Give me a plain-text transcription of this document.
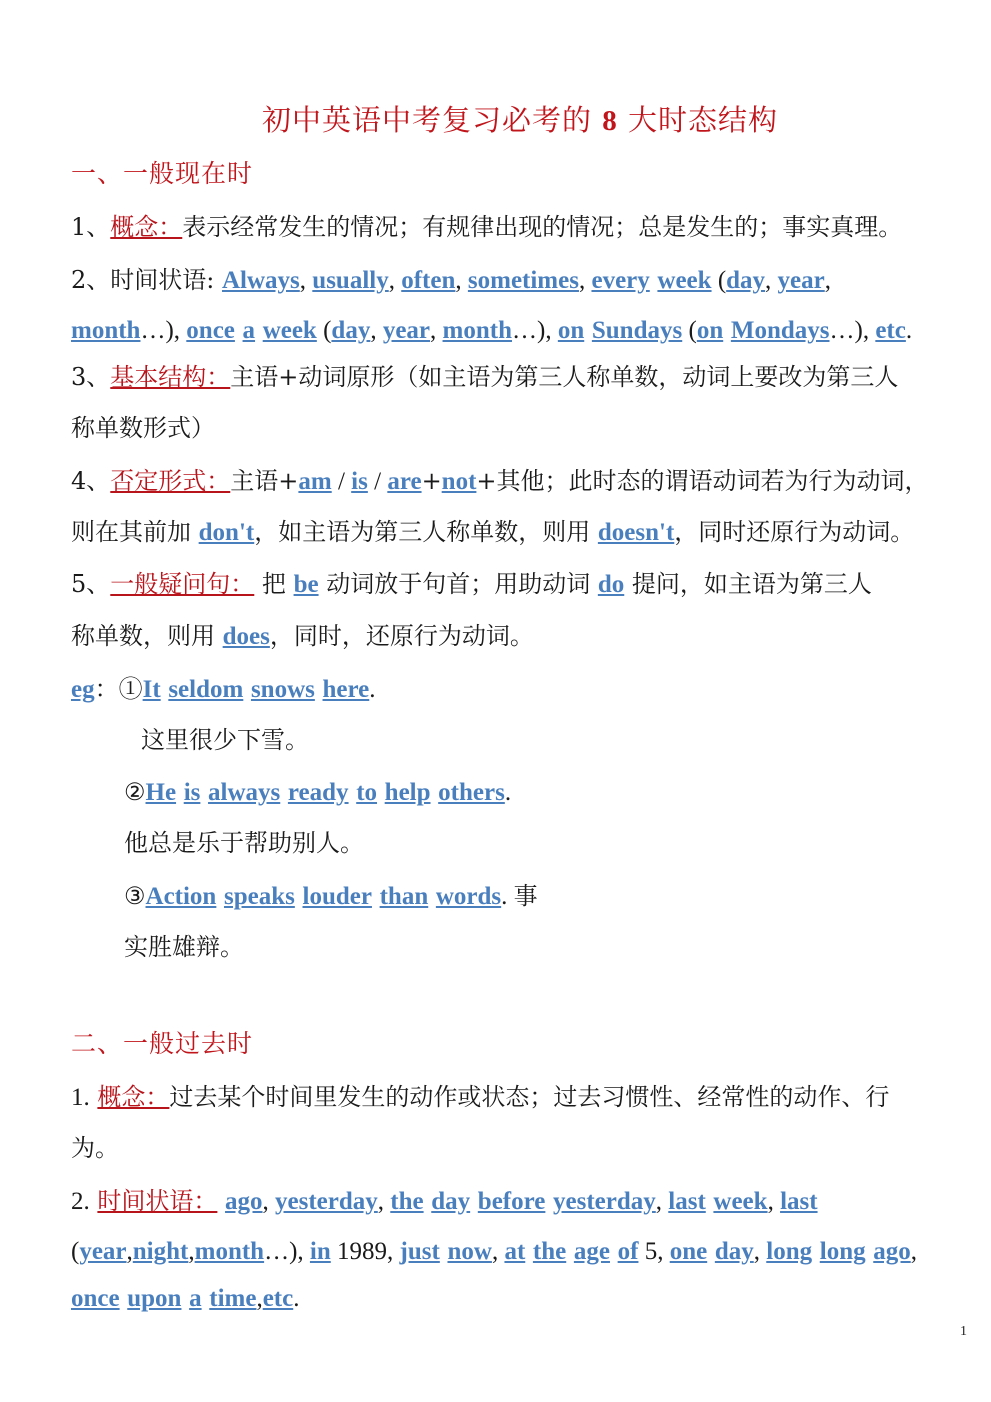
初中英语中考复习必考的 8 大时态结构
一、一般现在时
1、概念：表示经常发生的情况；有规律出现的情况；总是发生的；事实真理。
2、时间状语: Always, usually, often, sometimes, every week (day, year,
month…), once a week (day, year, month…), on Sundays (on Mondays…), etc.
3、基本结构：主语+动词原形（如主语为第三人称单数，动词上要改为第三人
称单数形式）
4、否定形式：主语+am / is / are+not+其他；此时态的谓语动词若为行为动词，
则在其前加 don't，如主语为第三人称单数，则用 doesn't，同时还原行为动词。
5、一般疑问句： 把 be 动词放于句首；用助动词 do 提问，如主语为第三人
称单数，则用 does，同时，还原行为动词。
eg：①It seldom snows here.
这里很少下雪。
②He is always ready to help others.
他总是乐于帮助别人。
③Action speaks louder than words. 事
实胜雄辩。
二、一般过去时
1. 概念：过去某个时间里发生的动作或状态；过去习惯性、经常性的动作、行
为。
2. 时间状语： ago, yesterday, the day before yesterday, last week, last
(year,night,month…), in 1989, just now, at the age of 5, one day, long long ago,
once upon a time,etc.
1
